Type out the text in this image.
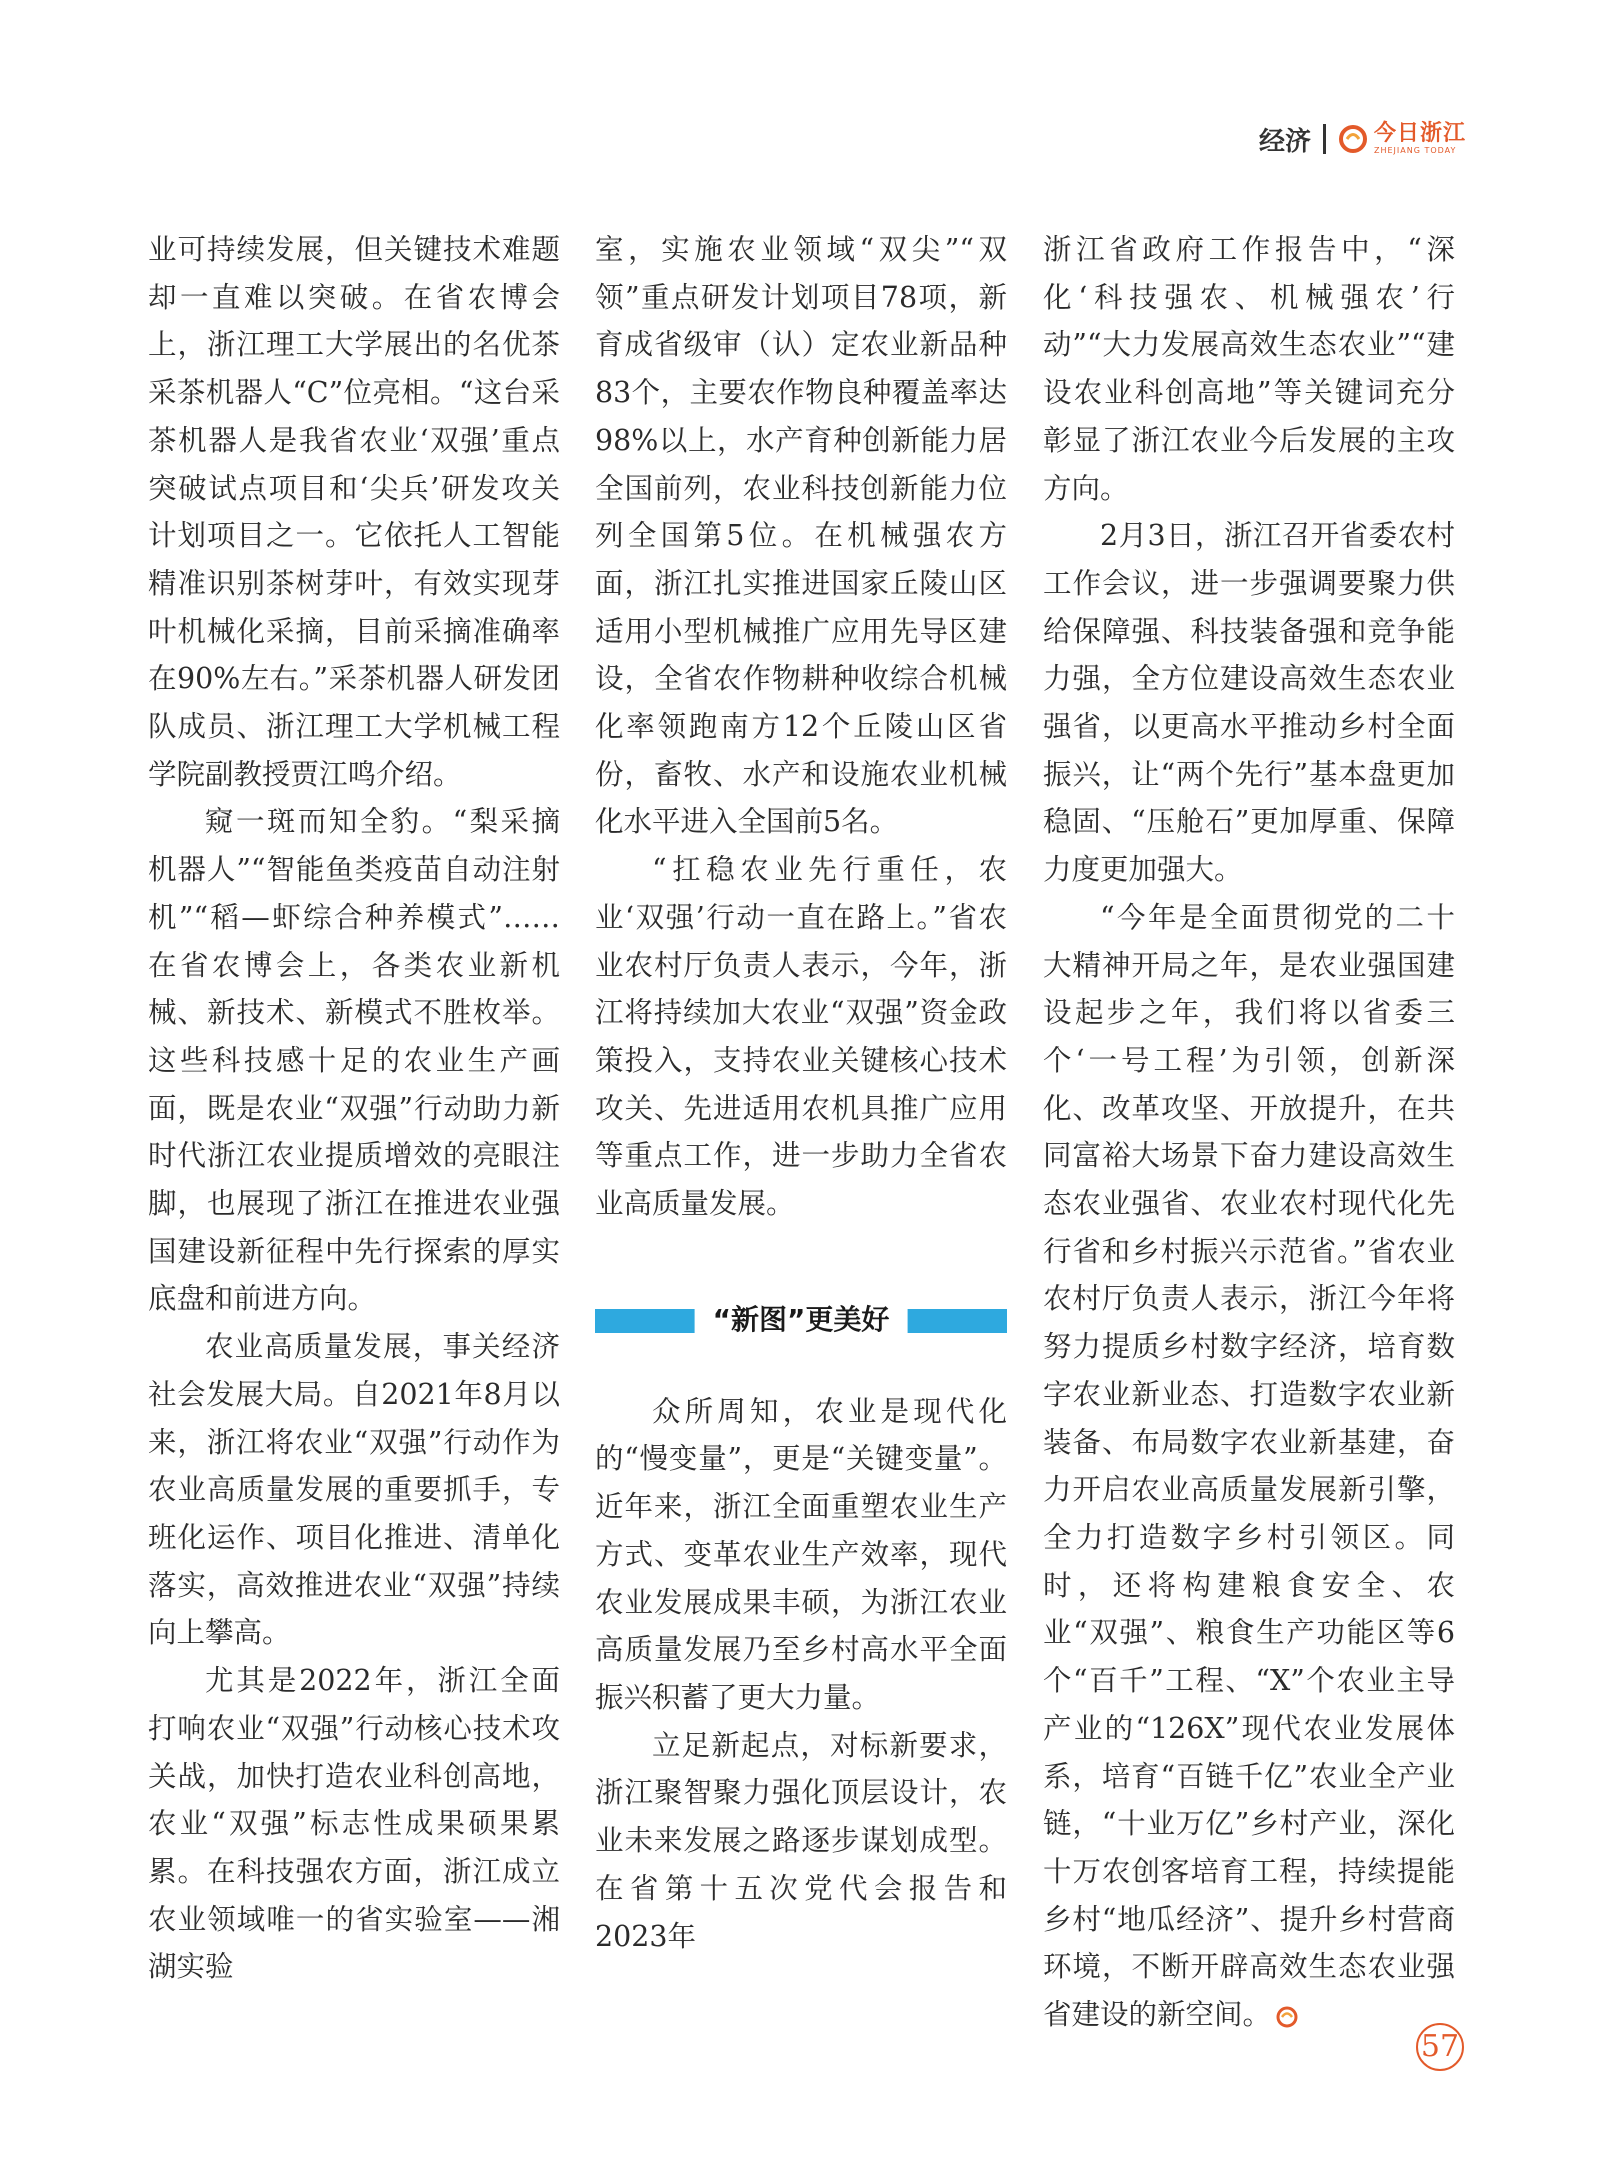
经济	今日浙江
ZHEJIANG TODAY

业可持续发展，但关键技术难题却一直难以突破。在省农博会上，浙江理工大学展出的名优茶采茶机器人“C”位亮相。“这台采茶机器人是我省农业‘双强’重点突破试点项目和‘尖兵’研发攻关计划项目之一。它依托人工智能精准识别茶树芽叶，有效实现芽叶机械化采摘，目前采摘准确率在90%左右。”采茶机器人研发团队成员、浙江理工大学机械工程学院副教授贾江鸣介绍。

窥一斑而知全豹。“梨采摘机器人”“智能鱼类疫苗自动注射机”“稻—虾综合种养模式”……在省农博会上，各类农业新机械、新技术、新模式不胜枚举。这些科技感十足的农业生产画面，既是农业“双强”行动助力新时代浙江农业提质增效的亮眼注脚，也展现了浙江在推进农业强国建设新征程中先行探索的厚实底盘和前进方向。

农业高质量发展，事关经济社会发展大局。自2021年8月以来，浙江将农业“双强”行动作为农业高质量发展的重要抓手，专班化运作、项目化推进、清单化落实，高效推进农业“双强”持续向上攀高。

尤其是2022年，浙江全面打响农业“双强”行动核心技术攻关战，加快打造农业科创高地，农业“双强”标志性成果硕果累累。在科技强农方面，浙江成立农业领域唯一的省实验室——湘湖实验

室，实施农业领域“双尖”“双领”重点研发计划项目78项，新育成省级审（认）定农业新品种83个，主要农作物良种覆盖率达98%以上，水产育种创新能力居全国前列，农业科技创新能力位列全国第5位。在机械强农方面，浙江扎实推进国家丘陵山区适用小型机械推广应用先导区建设，全省农作物耕种收综合机械化率领跑南方12个丘陵山区省份，畜牧、水产和设施农业机械化水平进入全国前5名。

“扛稳农业先行重任，农业‘双强’行动一直在路上。”省农业农村厅负责人表示，今年，浙江将持续加大农业“双强”资金政策投入，支持农业关键核心技术攻关、先进适用农机具推广应用等重点工作，进一步助力全省农业高质量发展。

“新图”更美好

众所周知，农业是现代化的“慢变量”，更是“关键变量”。近年来，浙江全面重塑农业生产方式、变革农业生产效率，现代农业发展成果丰硕，为浙江农业高质量发展乃至乡村高水平全面振兴积蓄了更大力量。

立足新起点，对标新要求，浙江聚智聚力强化顶层设计，农业未来发展之路逐步谋划成型。在省第十五次党代会报告和2023年

浙江省政府工作报告中，“深化‘科技强农、机械强农’行动”“大力发展高效生态农业”“建设农业科创高地”等关键词充分彰显了浙江农业今后发展的主攻方向。

2月3日，浙江召开省委农村工作会议，进一步强调要聚力供给保障强、科技装备强和竞争能力强，全方位建设高效生态农业强省，以更高水平推动乡村全面振兴，让“两个先行”基本盘更加稳固、“压舱石”更加厚重、保障力度更加强大。

“今年是全面贯彻党的二十大精神开局之年，是农业强国建设起步之年，我们将以省委三个‘一号工程’为引领，创新深化、改革攻坚、开放提升，在共同富裕大场景下奋力建设高效生态农业强省、农业农村现代化先行省和乡村振兴示范省。”省农业农村厅负责人表示，浙江今年将努力提质乡村数字经济，培育数字农业新业态、打造数字农业新装备、布局数字农业新基建，奋力开启农业高质量发展新引擎，全力打造数字乡村引领区。同时，还将构建粮食安全、农业“双强”、粮食生产功能区等6个“百千”工程、“X”个农业主导产业的“126X”现代农业发展体系，培育“百链千亿”农业全产业链，“十业万亿”乡村产业，深化十万农创客培育工程，持续提能乡村“地瓜经济”、提升乡村营商环境，不断开辟高效生态农业强省建设的新空间。

57
